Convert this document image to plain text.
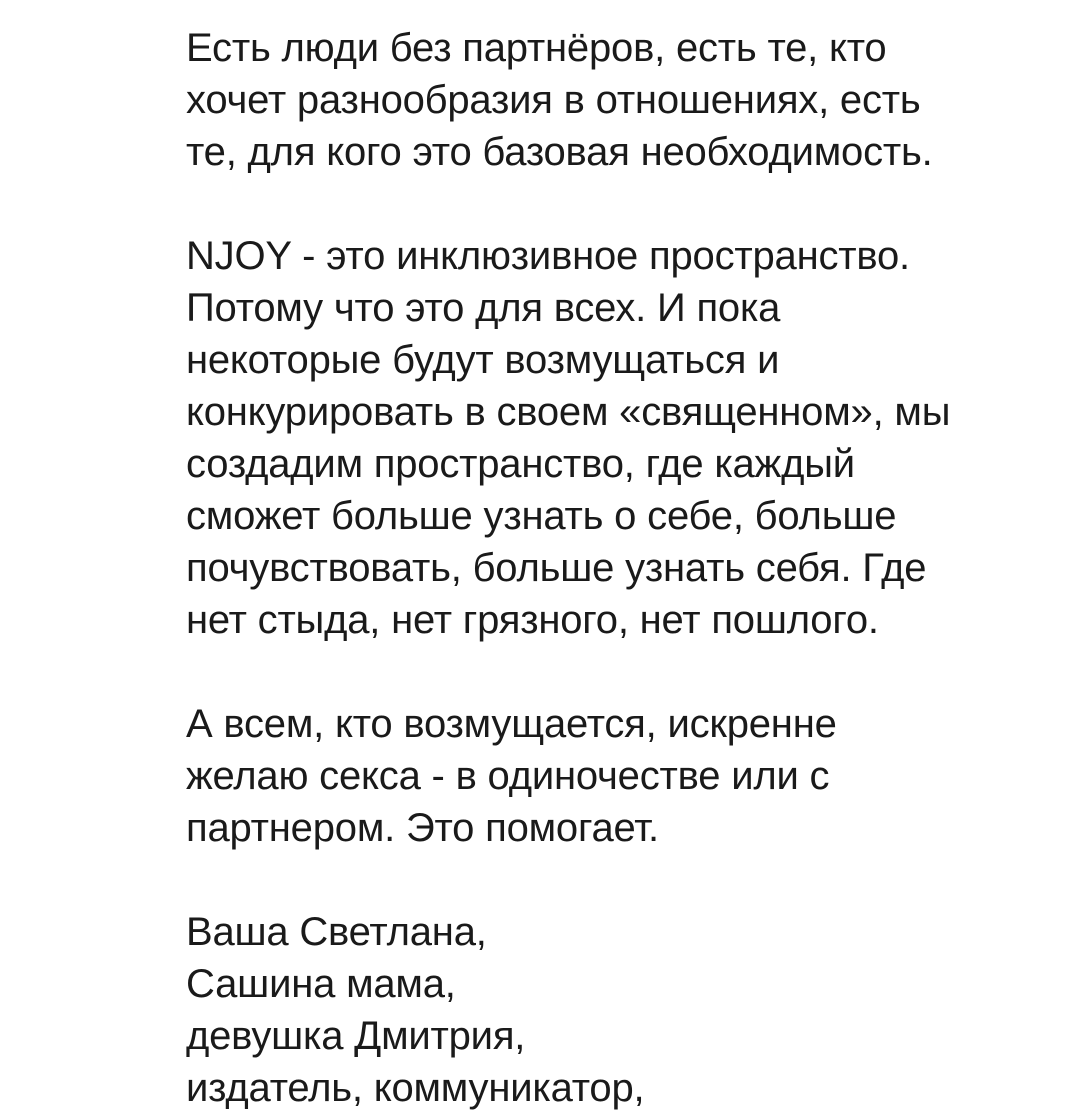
Есть люди без партнёров, есть те, кто
хочет разнообразия в отношениях, есть
те, для кого это базовая необходимость.

NJOY - это инклюзивное пространство.
Потому что это для всех. И пока
некоторые будут возмущаться и
конкурировать в своем «священном», мы
создадим пространство, где каждый
сможет больше узнать о себе, больше
почувствовать, больше узнать себя. Где
нет стыда, нет грязного, нет пошлого.

А всем, кто возмущается, искренне
желаю секса - в одиночестве или с
партнером. Это помогает.

Ваша Светлана,
Сашина мама,
девушка Дмитрия,
издатель, коммуникатор,
